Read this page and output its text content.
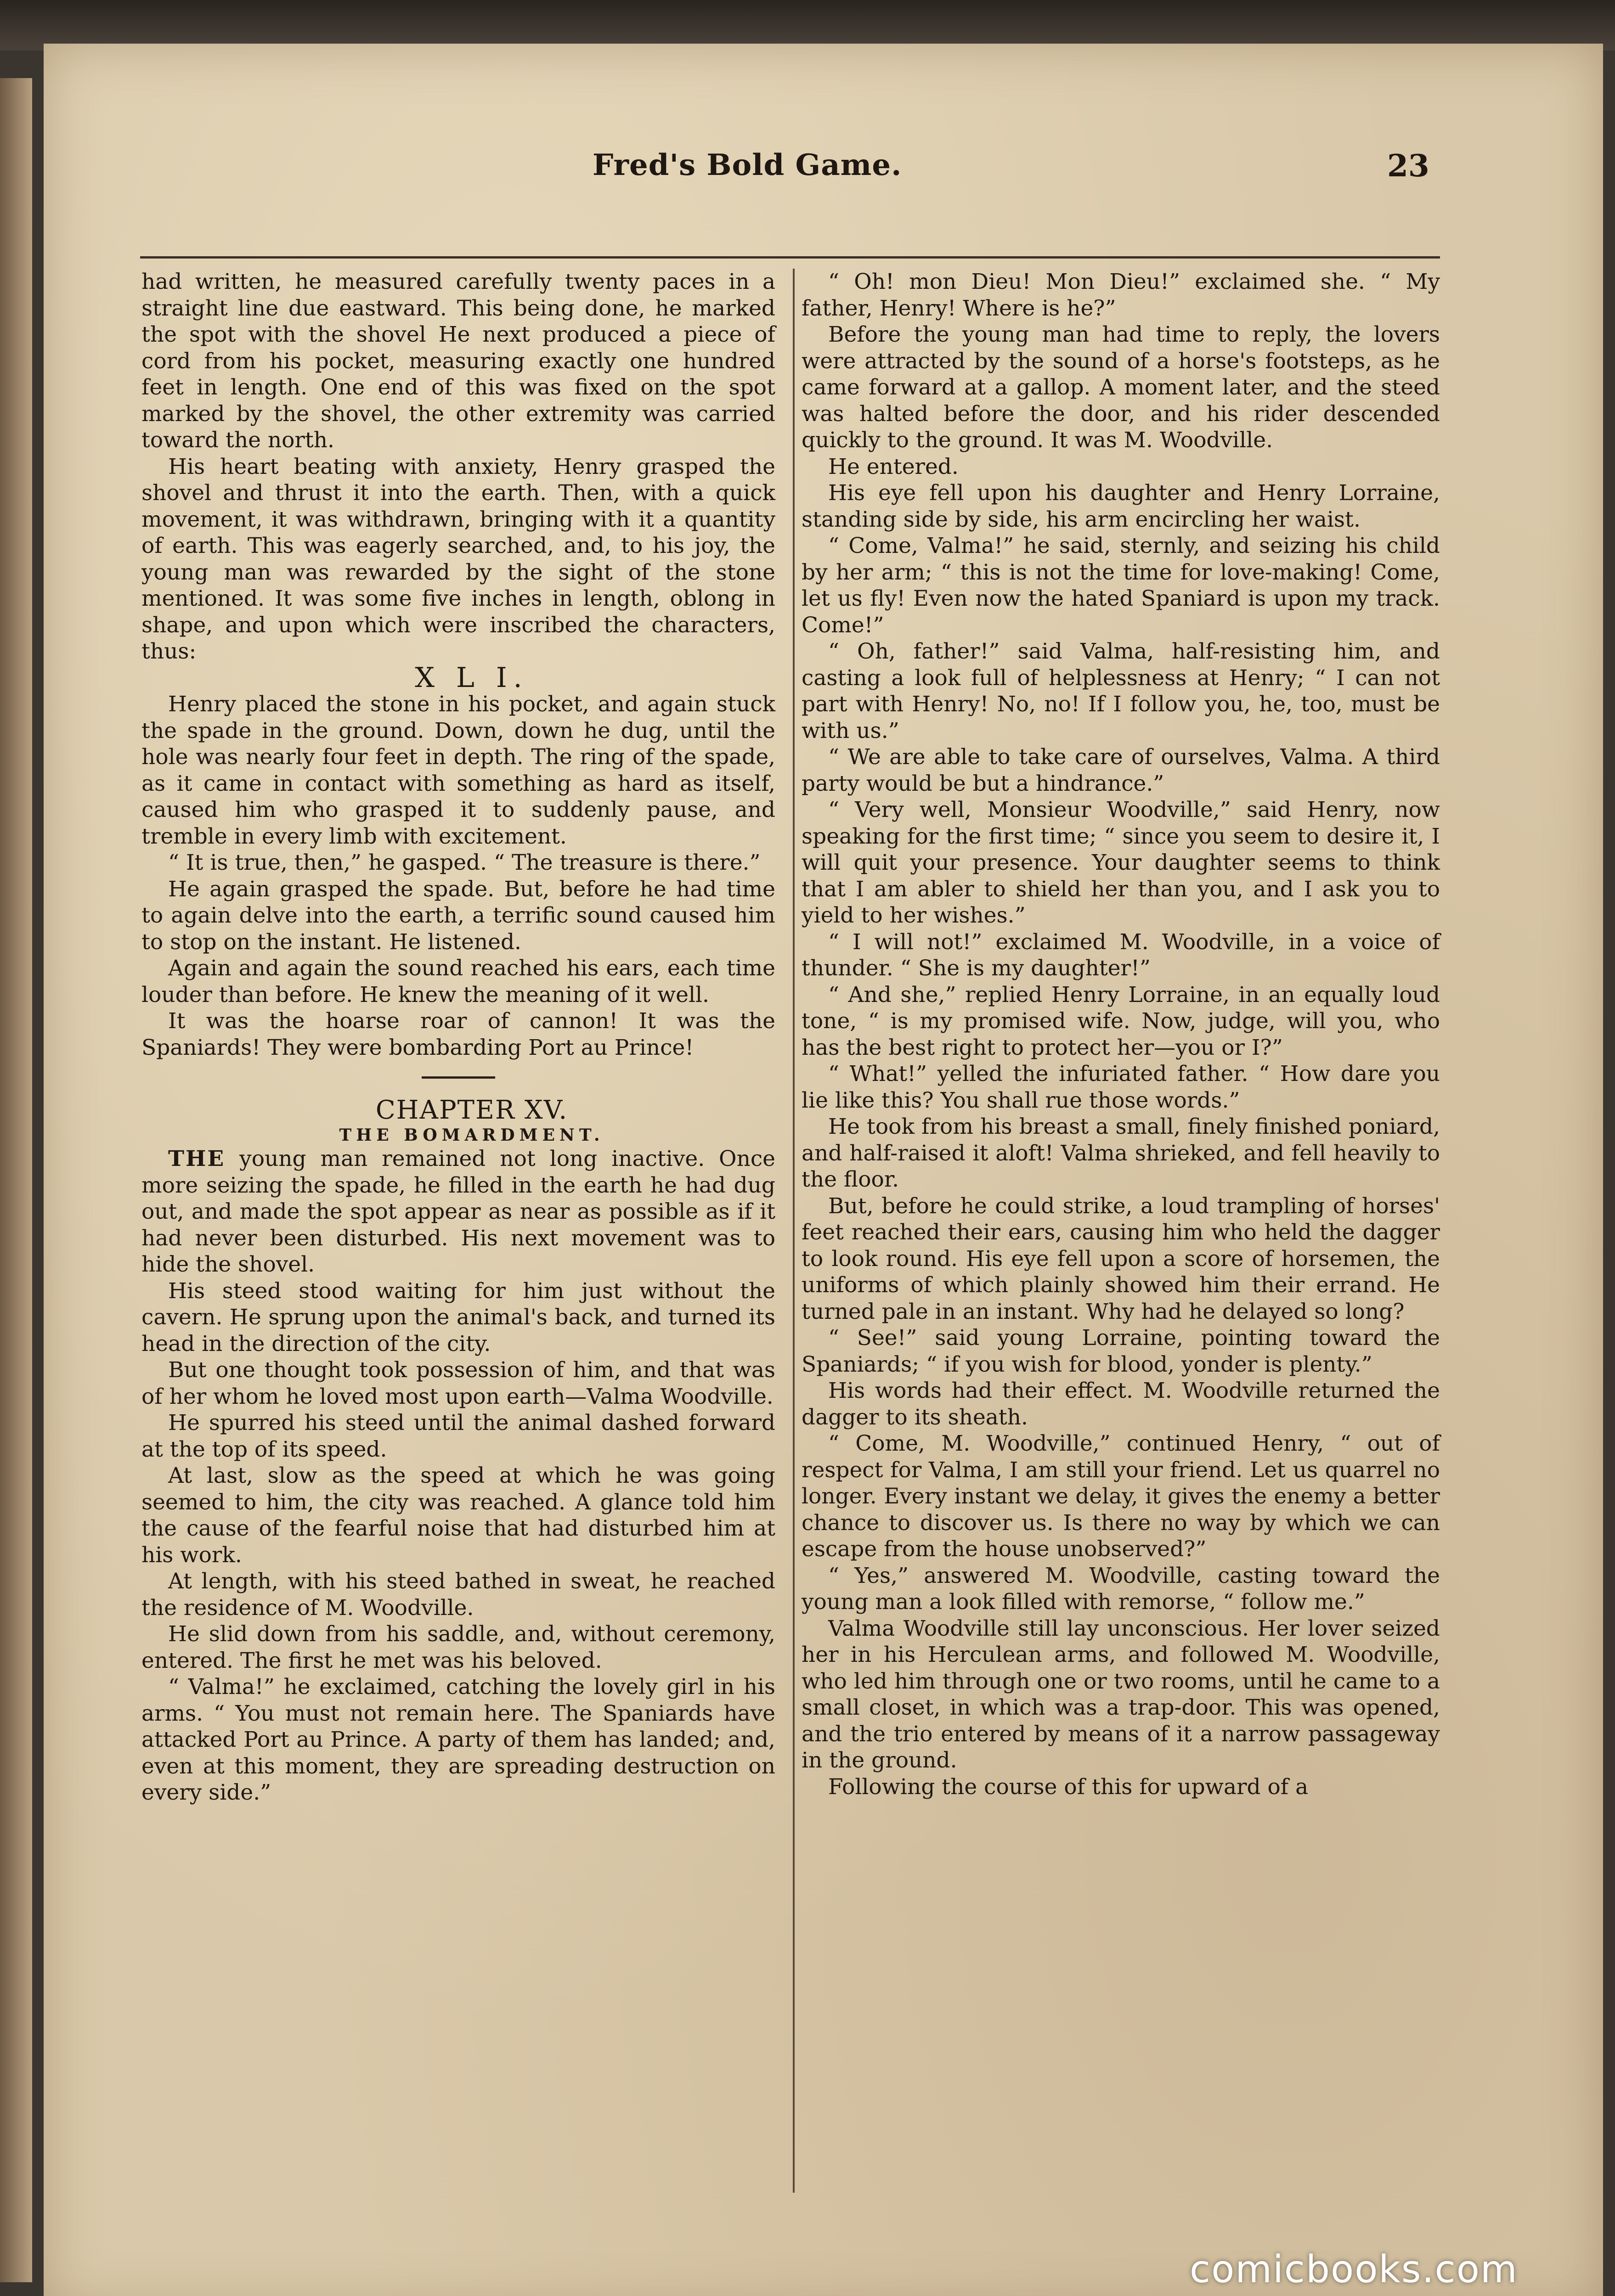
Fred's Bold Game.	23

had written, he measured carefully twenty paces in a straight line due eastward. This being done, he marked the spot with the shovel He next produced a piece of cord from his pocket, measuring exactly one hundred feet in length. One end of this was fixed on the spot marked by the shovel, the other extremity was carried toward the north.

His heart beating with anxiety, Henry grasped the shovel and thrust it into the earth. Then, with a quick movement, it was withdrawn, bringing with it a quantity of earth. This was eagerly searched, and, to his joy, the young man was rewarded by the sight of the stone mentioned. It was some five inches in length, oblong in shape, and upon which were inscribed the characters, thus:

X L I.

Henry placed the stone in his pocket, and again stuck the spade in the ground. Down, down he dug, until the hole was nearly four feet in depth. The ring of the spade, as it came in contact with something as hard as itself, caused him who grasped it to suddenly pause, and tremble in every limb with excitement.

“ It is true, then,” he gasped. “ The treasure is there.”

He again grasped the spade. But, before he had time to again delve into the earth, a terrific sound caused him to stop on the instant. He listened.

Again and again the sound reached his ears, each time louder than before. He knew the meaning of it well.

It was the hoarse roar of cannon! It was the Spaniards! They were bombarding Port au Prince!

CHAPTER XV.

THE BOMARDMENT.

THE young man remained not long inactive. Once more seizing the spade, he filled in the earth he had dug out, and made the spot appear as near as possible as if it had never been disturbed. His next movement was to hide the shovel.

His steed stood waiting for him just without the cavern. He sprung upon the animal's back, and turned its head in the direction of the city.

But one thought took possession of him, and that was of her whom he loved most upon earth—Valma Woodville.

He spurred his steed until the animal dashed forward at the top of its speed.

At last, slow as the speed at which he was going seemed to him, the city was reached. A glance told him the cause of the fearful noise that had disturbed him at his work.

At length, with his steed bathed in sweat, he reached the residence of M. Woodville.

He slid down from his saddle, and, without ceremony, entered. The first he met was his beloved.

“ Valma!” he exclaimed, catching the lovely girl in his arms. “ You must not remain here. The Spaniards have attacked Port au Prince. A party of them has landed; and, even at this moment, they are spreading destruction on every side.”

“ Oh! mon Dieu! Mon Dieu!” exclaimed she. “ My father, Henry! Where is he?”

Before the young man had time to reply, the lovers were attracted by the sound of a horse's footsteps, as he came forward at a gallop. A moment later, and the steed was halted before the door, and his rider descended quickly to the ground. It was M. Woodville.

He entered.

His eye fell upon his daughter and Henry Lorraine, standing side by side, his arm encircling her waist.

“ Come, Valma!” he said, sternly, and seizing his child by her arm; “ this is not the time for love-making! Come, let us fly! Even now the hated Spaniard is upon my track. Come!”

“ Oh, father!” said Valma, half-resisting him, and casting a look full of helplessness at Henry; “ I can not part with Henry! No, no! If I follow you, he, too, must be with us.”

“ We are able to take care of ourselves, Valma. A third party would be but a hindrance.”

“ Very well, Monsieur Woodville,” said Henry, now speaking for the first time; “ since you seem to desire it, I will quit your presence. Your daughter seems to think that I am abler to shield her than you, and I ask you to yield to her wishes.”

“ I will not!” exclaimed M. Woodville, in a voice of thunder. “ She is my daughter!”

“ And she,” replied Henry Lorraine, in an equally loud tone, “ is my promised wife. Now, judge, will you, who has the best right to protect her—you or I?”

“ What!” yelled the infuriated father. “ How dare you lie like this? You shall rue those words.”

He took from his breast a small, finely finished poniard, and half-raised it aloft! Valma shrieked, and fell heavily to the floor.

But, before he could strike, a loud trampling of horses' feet reached their ears, causing him who held the dagger to look round. His eye fell upon a score of horsemen, the uniforms of which plainly showed him their errand. He turned pale in an instant. Why had he delayed so long?

“ See!” said young Lorraine, pointing toward the Spaniards; “ if you wish for blood, yonder is plenty.”

His words had their effect. M. Woodville returned the dagger to its sheath.

“ Come, M. Woodville,” continued Henry, “ out of respect for Valma, I am still your friend. Let us quarrel no longer. Every instant we delay, it gives the enemy a better chance to discover us. Is there no way by which we can escape from the house unobserved?”

“ Yes,” answered M. Woodville, casting toward the young man a look filled with remorse, “ follow me.”

Valma Woodville still lay unconscious. Her lover seized her in his Herculean arms, and followed M. Woodville, who led him through one or two rooms, until he came to a small closet, in which was a trap-door. This was opened, and the trio entered by means of it a narrow passageway in the ground.

Following the course of this for upward of a

comicbooks.com
